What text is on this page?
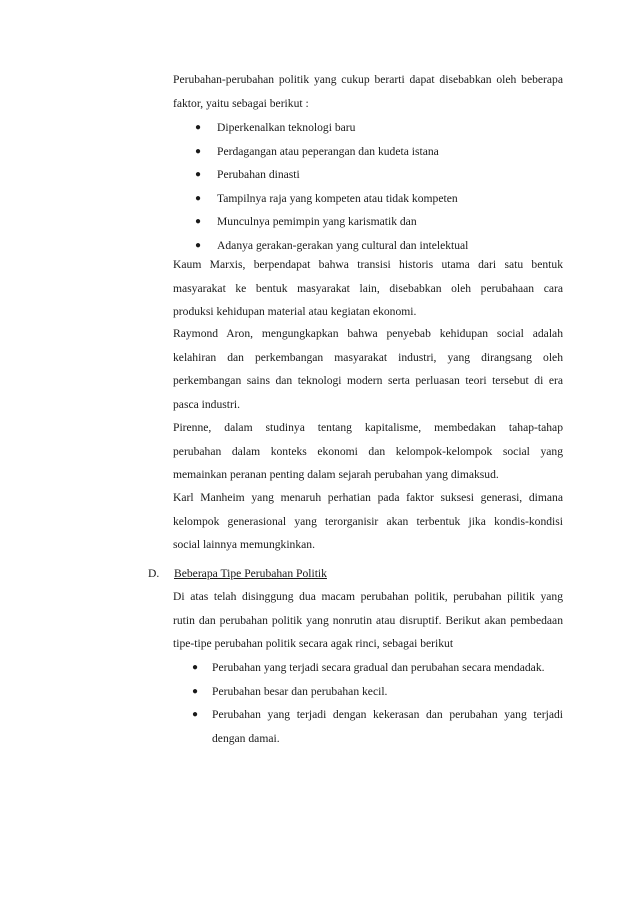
Perubahan-perubahan politik yang cukup berarti dapat disebabkan oleh beberapa

faktor, yaitu sebagai berikut :

● Diperkenalkan teknologi baru
● Perdagangan atau peperangan dan kudeta istana
● Perubahan dinasti
● Tampilnya raja yang kompeten atau tidak kompeten
● Munculnya pemimpin yang karismatik dan
● Adanya gerakan-gerakan yang cultural dan intelektual

Kaum Marxis, berpendapat bahwa transisi historis utama dari satu bentuk

masyarakat ke bentuk masyarakat lain, disebabkan oleh perubahaan cara

produksi kehidupan material atau kegiatan ekonomi.

Raymond Aron, mengungkapkan bahwa penyebab kehidupan social adalah

kelahiran dan perkembangan masyarakat industri, yang dirangsang oleh

perkembangan sains dan teknologi modern serta perluasan teori tersebut di era

pasca industri.

Pirenne, dalam studinya tentang kapitalisme, membedakan tahap-tahap

perubahan dalam konteks ekonomi dan kelompok-kelompok social yang

memainkan peranan penting dalam sejarah perubahan yang dimaksud.

Karl Manheim yang menaruh perhatian pada faktor suksesi generasi, dimana

kelompok generasional yang terorganisir akan terbentuk jika kondis-kondisi

social lainnya memungkinkan.

D. Beberapa Tipe Perubahan Politik

Di atas telah disinggung dua macam perubahan politik, perubahan pilitik yang

rutin dan perubahan politik yang nonrutin atau disruptif. Berikut akan pembedaan

tipe-tipe perubahan politik secara agak rinci, sebagai berikut

● Perubahan yang terjadi secara gradual dan perubahan secara mendadak.
● Perubahan besar dan perubahan kecil.
● Perubahan yang terjadi dengan kekerasan dan perubahan yang terjadi
dengan damai.
